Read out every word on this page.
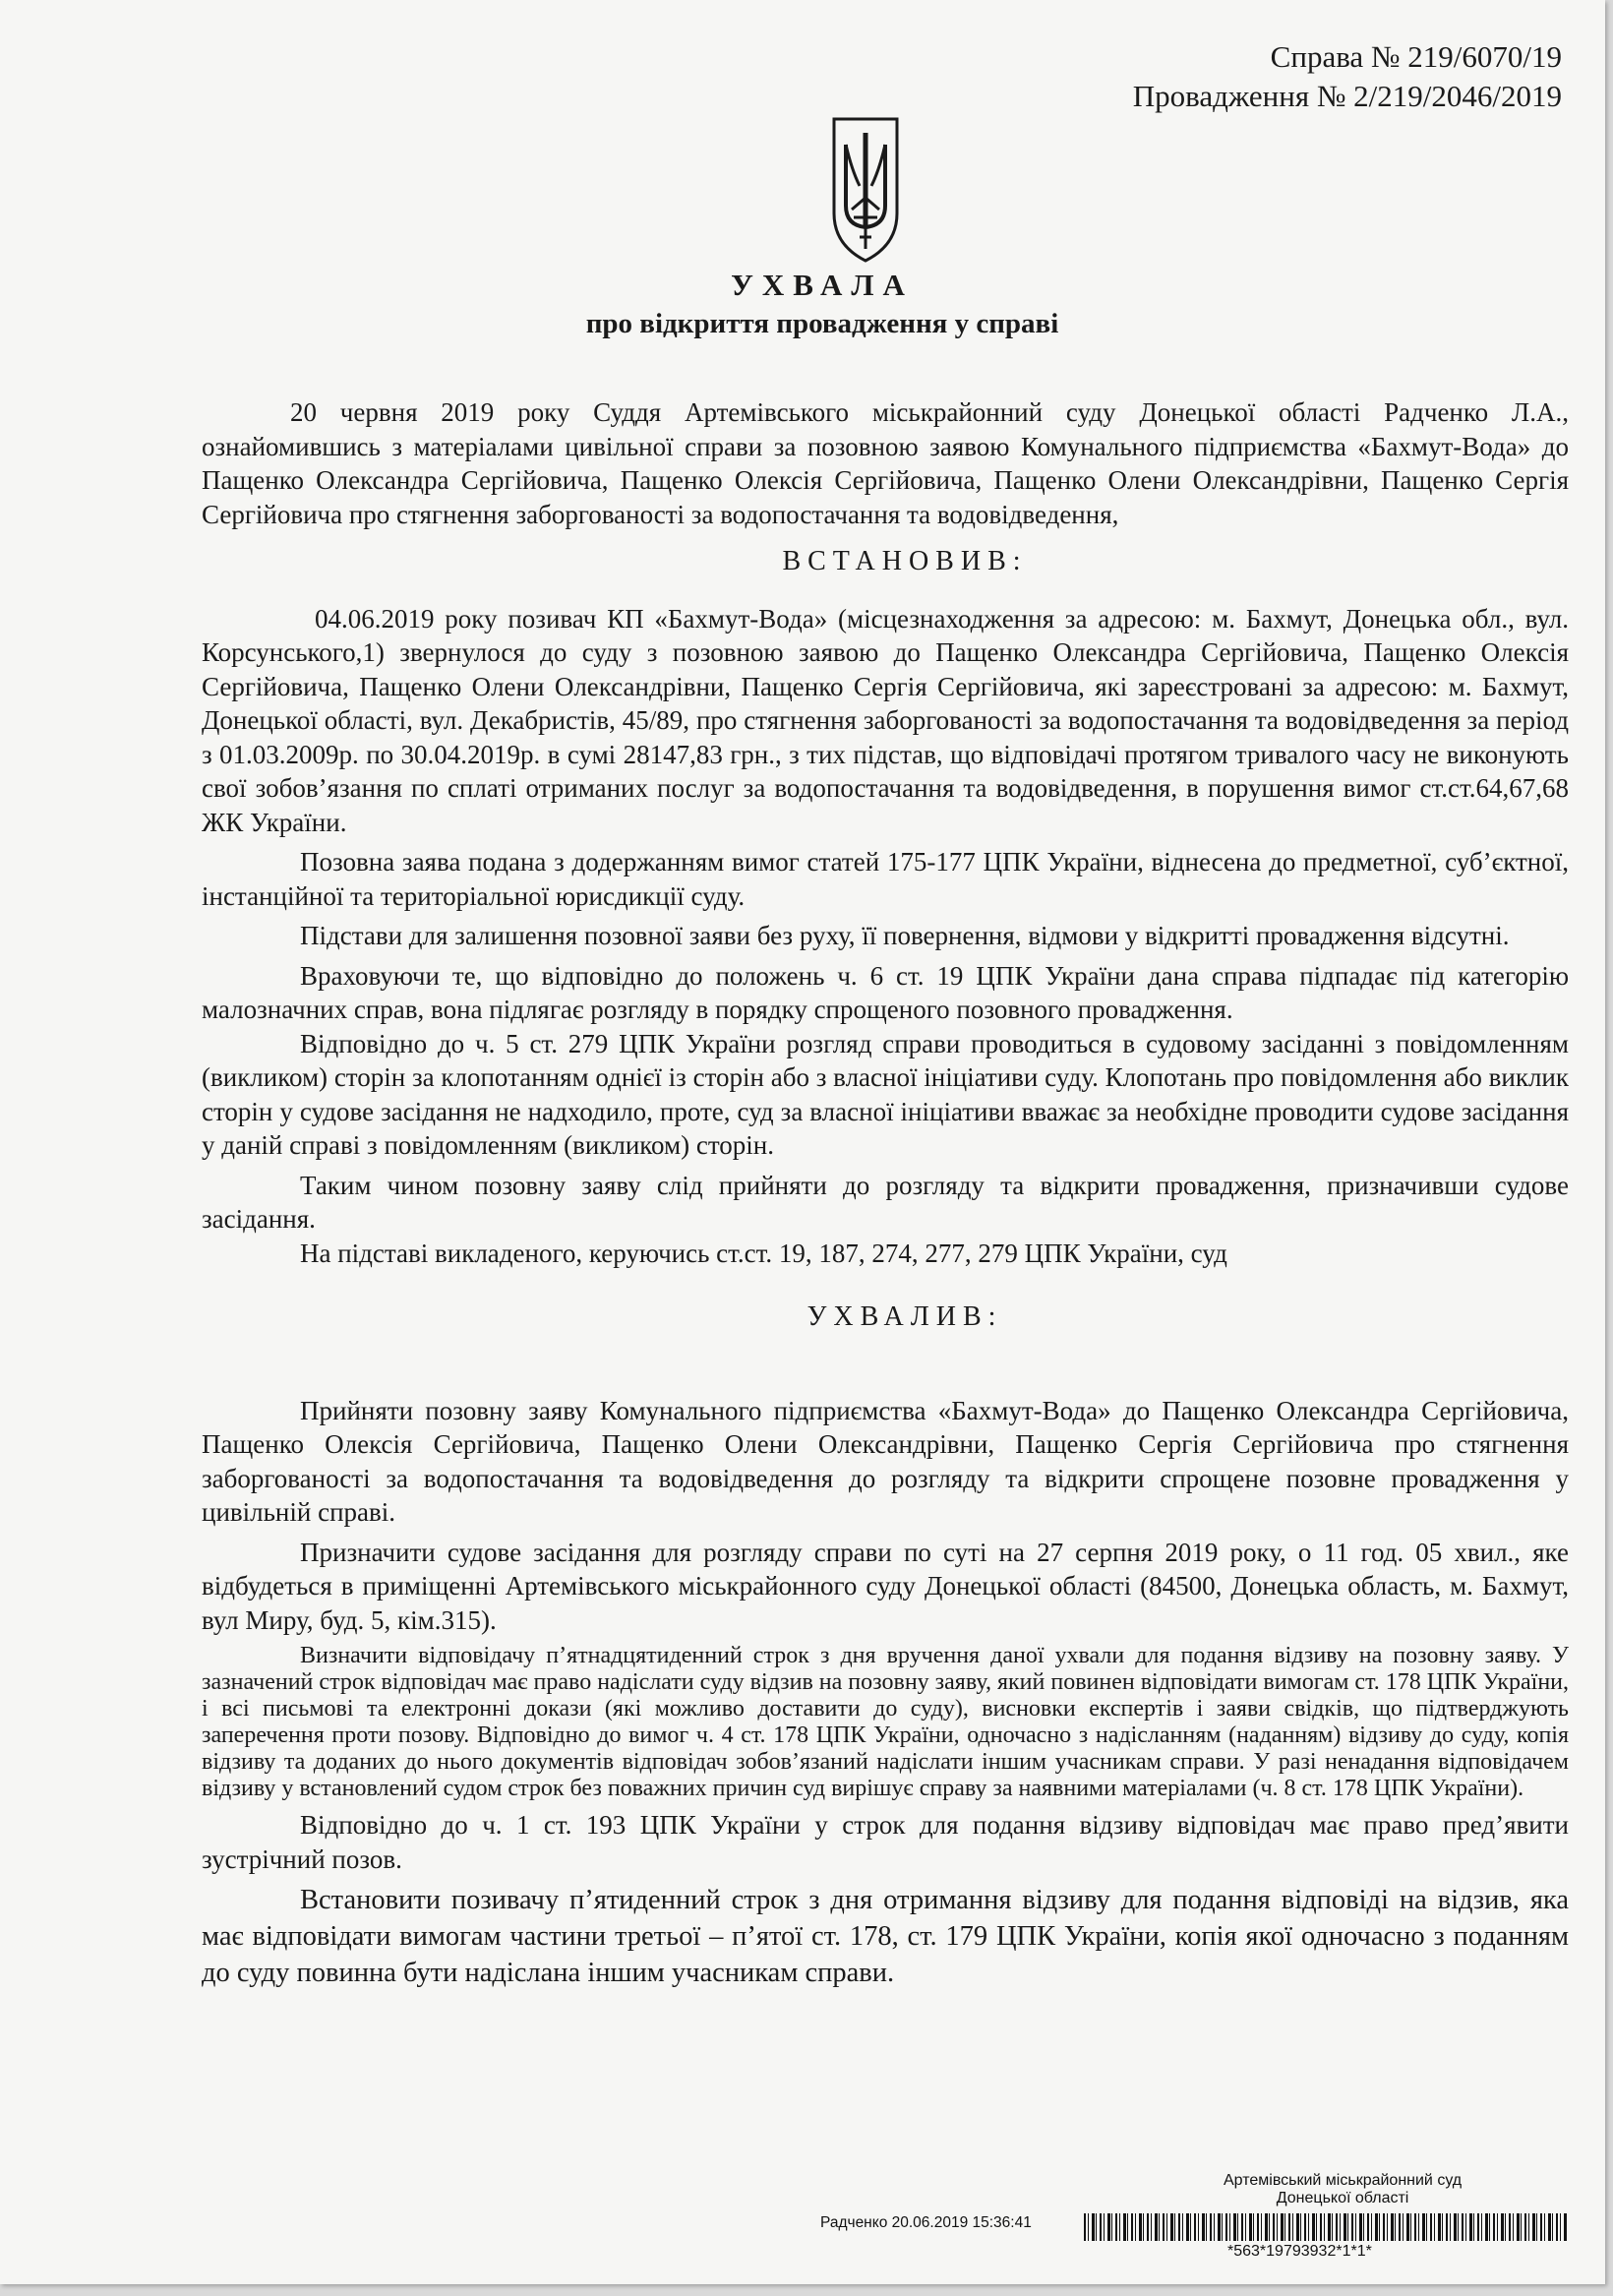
Справа № 219/6070/19
Провадження № 2/219/2046/2019
УХВАЛА
про відкриття провадження у справі

20 червня 2019 року Суддя Артемівського міськрайонний суду Донецької області Радченко Л.А., ознайомившись з матеріалами цивільної справи за позовною заявою Комунального підприємства «Бахмут-Вода» до Пащенко Олександра Сергійовича, Пащенко Олексія Сергійовича, Пащенко Олени Олександрівни, Пащенко Сергія Сергійовича про стягнення заборгованості за водопостачання та водовідведення,

ВСТАНОВИВ:

04.06.2019 року позивач КП «Бахмут-Вода» (місцезнаходження за адресою: м. Бахмут, Донецька обл., вул. Корсунського,1) звернулося до суду з позовною заявою до Пащенко Олександра Сергійовича, Пащенко Олексія Сергійовича, Пащенко Олени Олександрівни, Пащенко Сергія Сергійовича, які зареєстровані за адресою: м. Бахмут, Донецької області, вул. Декабристів, 45/89, про стягнення заборгованості за водопостачання та водовідведення за період з 01.03.2009р. по 30.04.2019р. в сумі 28147,83 грн., з тих підстав, що відповідачі протягом тривалого часу не виконують свої зобов’язання по сплаті отриманих послуг за водопостачання та водовідведення, в порушення вимог ст.ст.64,67,68 ЖК України.

Позовна заява подана з додержанням вимог статей 175-177 ЦПК України, віднесена до предметної, суб’єктної, інстанційної та територіальної юрисдикції суду.

Підстави для залишення позовної заяви без руху, її повернення, відмови у відкритті провадження відсутні.

Враховуючи те, що відповідно до положень ч. 6 ст. 19 ЦПК України дана справа підпадає під категорію малозначних справ, вона підлягає розгляду в порядку спрощеного позовного провадження.

Відповідно до ч. 5 ст. 279 ЦПК України розгляд справи проводиться в судовому засіданні з повідомленням (викликом) сторін за клопотанням однієї із сторін або з власної ініціативи суду. Клопотань про повідомлення або виклик сторін у судове засідання не надходило, проте, суд за власної ініціативи вважає за необхідне проводити судове засідання у даній справі з повідомленням (викликом) сторін.

Таким чином позовну заяву слід прийняти до розгляду та відкрити провадження, призначивши судове засідання.

На підставі викладеного, керуючись ст.ст. 19, 187, 274, 277, 279 ЦПК України, суд

УХВАЛИВ:

Прийняти позовну заяву Комунального підприємства «Бахмут-Вода» до Пащенко Олександра Сергійовича, Пащенко Олексія Сергійовича, Пащенко Олени Олександрівни, Пащенко Сергія Сергійовича про стягнення заборгованості за водопостачання та водовідведення до розгляду та відкрити спрощене позовне провадження у цивільній справі.

Призначити судове засідання для розгляду справи по суті на 27 серпня 2019 року, о 11 год. 05 хвил., яке відбудеться в приміщенні Артемівського міськрайонного суду Донецької області (84500, Донецька область, м. Бахмут, вул Миру, буд. 5, кім.315).

Визначити відповідачу п’ятнадцятиденний строк з дня вручення даної ухвали для подання відзиву на позовну заяву. У зазначений строк відповідач має право надіслати суду відзив на позовну заяву, який повинен відповідати вимогам ст. 178 ЦПК України, і всі письмові та електронні докази (які можливо доставити до суду), висновки експертів і заяви свідків, що підтверджують заперечення проти позову. Відповідно до вимог ч. 4 ст. 178 ЦПК України, одночасно з надісланням (наданням) відзиву до суду, копія відзиву та доданих до нього документів відповідач зобов’язаний надіслати іншим учасникам справи. У разі ненадання відповідачем відзиву у встановлений судом строк без поважних причин суд вирішує справу за наявними матеріалами (ч. 8 ст. 178 ЦПК України).

Відповідно до ч. 1 ст. 193 ЦПК України у строк для подання відзиву відповідач має право пред’явити зустрічний позов.

Встановити позивачу п’ятиденний строк з дня отримання відзиву для подання відповіді на відзив, яка має відповідати вимогам частини третьої – п’ятої ст. 178, ст. 179 ЦПК України, копія якої одночасно з поданням до суду повинна бути надіслана іншим учасникам справи.

Артемівський міськрайонний суд
Донецької області
Радченко 20.06.2019 15:36:41
*563*19793932*1*1*
